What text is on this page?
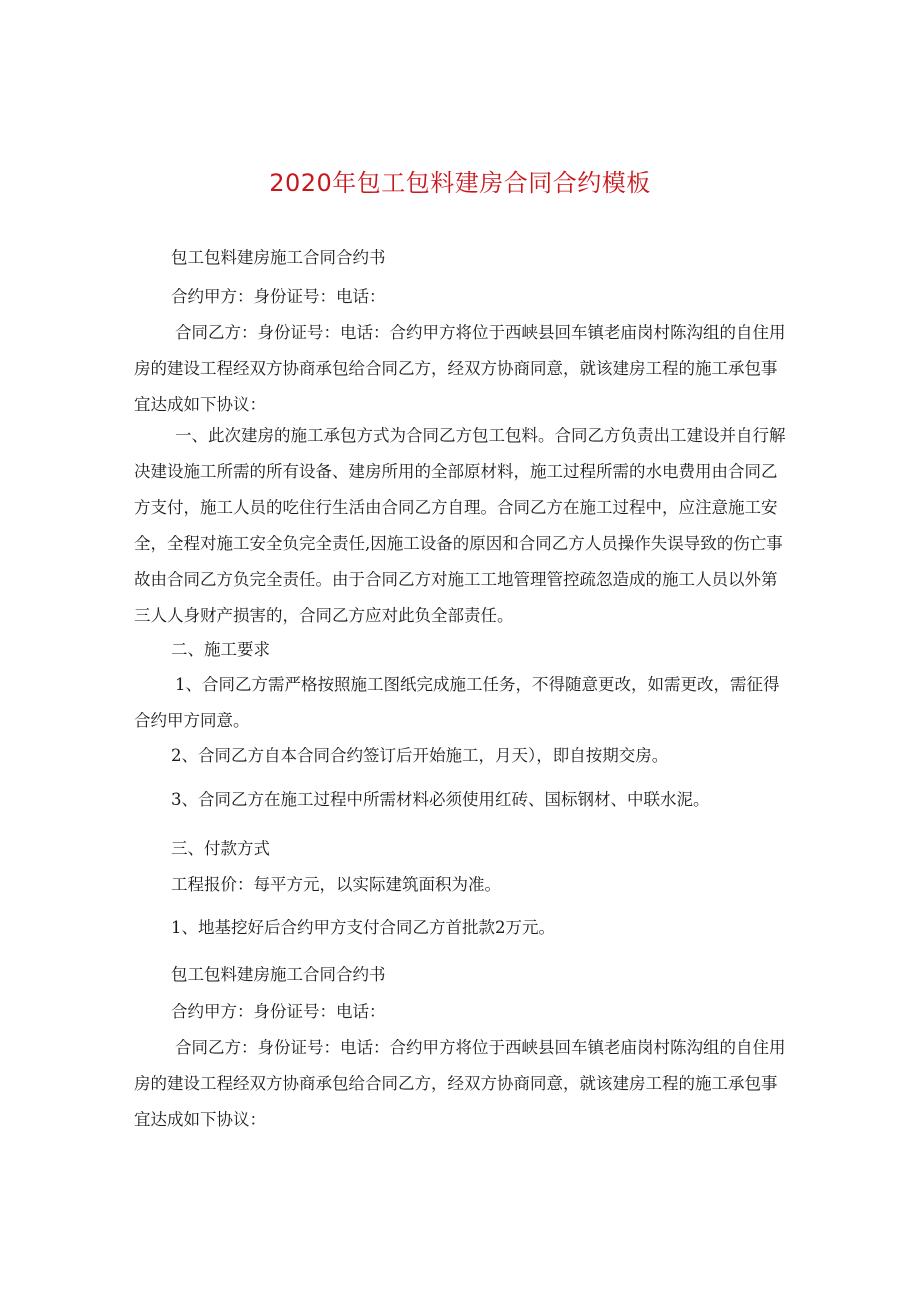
2020年包工包料建房合同合约模板

包工包料建房施工合同合约书

合约甲方：身份证号：电话：

合同乙方：身份证号：电话：合约甲方将位于西峡县回车镇老庙岗村陈沟组的自住用房的建设工程经双方协商承包给合同乙方，经双方协商同意，就该建房工程的施工承包事宜达成如下协议：

一、此次建房的施工承包方式为合同乙方包工包料。合同乙方负责出工建设并自行解决建设施工所需的所有设备、建房所用的全部原材料，施工过程所需的水电费用由合同乙方支付，施工人员的吃住行生活由合同乙方自理。合同乙方在施工过程中，应注意施工安全，全程对施工安全负完全责任,因施工设备的原因和合同乙方人员操作失误导致的伤亡事故由合同乙方负完全责任。由于合同乙方对施工工地管理管控疏忽造成的施工人员以外第三人人身财产损害的，合同乙方应对此负全部责任。

二、施工要求

1、合同乙方需严格按照施工图纸完成施工任务，不得随意更改，如需更改，需征得合约甲方同意。

2、合同乙方自本合同合约签订后开始施工，月天），即自按期交房。

3、合同乙方在施工过程中所需材料必须使用红砖、国标钢材、中联水泥。

三、付款方式

工程报价：每平方元，以实际建筑面积为准。

1、地基挖好后合约甲方支付合同乙方首批款2万元。

包工包料建房施工合同合约书

合约甲方：身份证号：电话：

合同乙方：身份证号：电话：合约甲方将位于西峡县回车镇老庙岗村陈沟组的自住用房的建设工程经双方协商承包给合同乙方，经双方协商同意，就该建房工程的施工承包事宜达成如下协议：
